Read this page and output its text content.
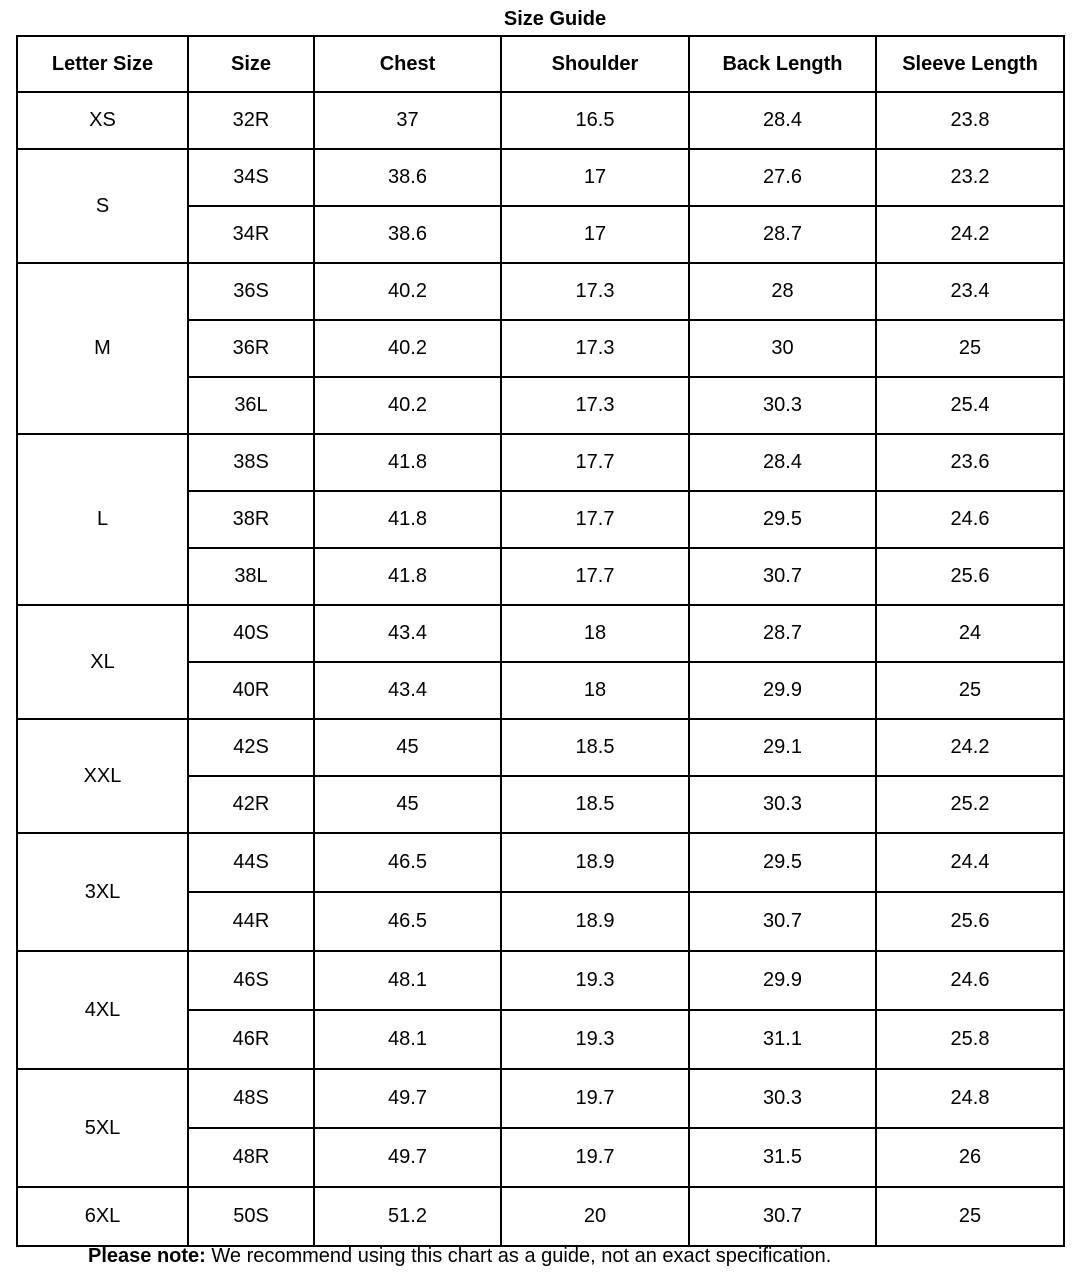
Size Guide
Letter Size	Size	Chest	Shoulder	Back Length	Sleeve Length
XS	32R	37	16.5	28.4	23.8
S	34S	38.6	17	27.6	23.2
	34R	38.6	17	28.7	24.2
M	36S	40.2	17.3	28	23.4
	36R	40.2	17.3	30	25
	36L	40.2	17.3	30.3	25.4
L	38S	41.8	17.7	28.4	23.6
	38R	41.8	17.7	29.5	24.6
	38L	41.8	17.7	30.7	25.6
XL	40S	43.4	18	28.7	24
	40R	43.4	18	29.9	25
XXL	42S	45	18.5	29.1	24.2
	42R	45	18.5	30.3	25.2
3XL	44S	46.5	18.9	29.5	24.4
	44R	46.5	18.9	30.7	25.6
4XL	46S	48.1	19.3	29.9	24.6
	46R	48.1	19.3	31.1	25.8
5XL	48S	49.7	19.7	30.3	24.8
	48R	49.7	19.7	31.5	26
6XL	50S	51.2	20	30.7	25
Please note: We recommend using this chart as a guide, not an exact specification.
